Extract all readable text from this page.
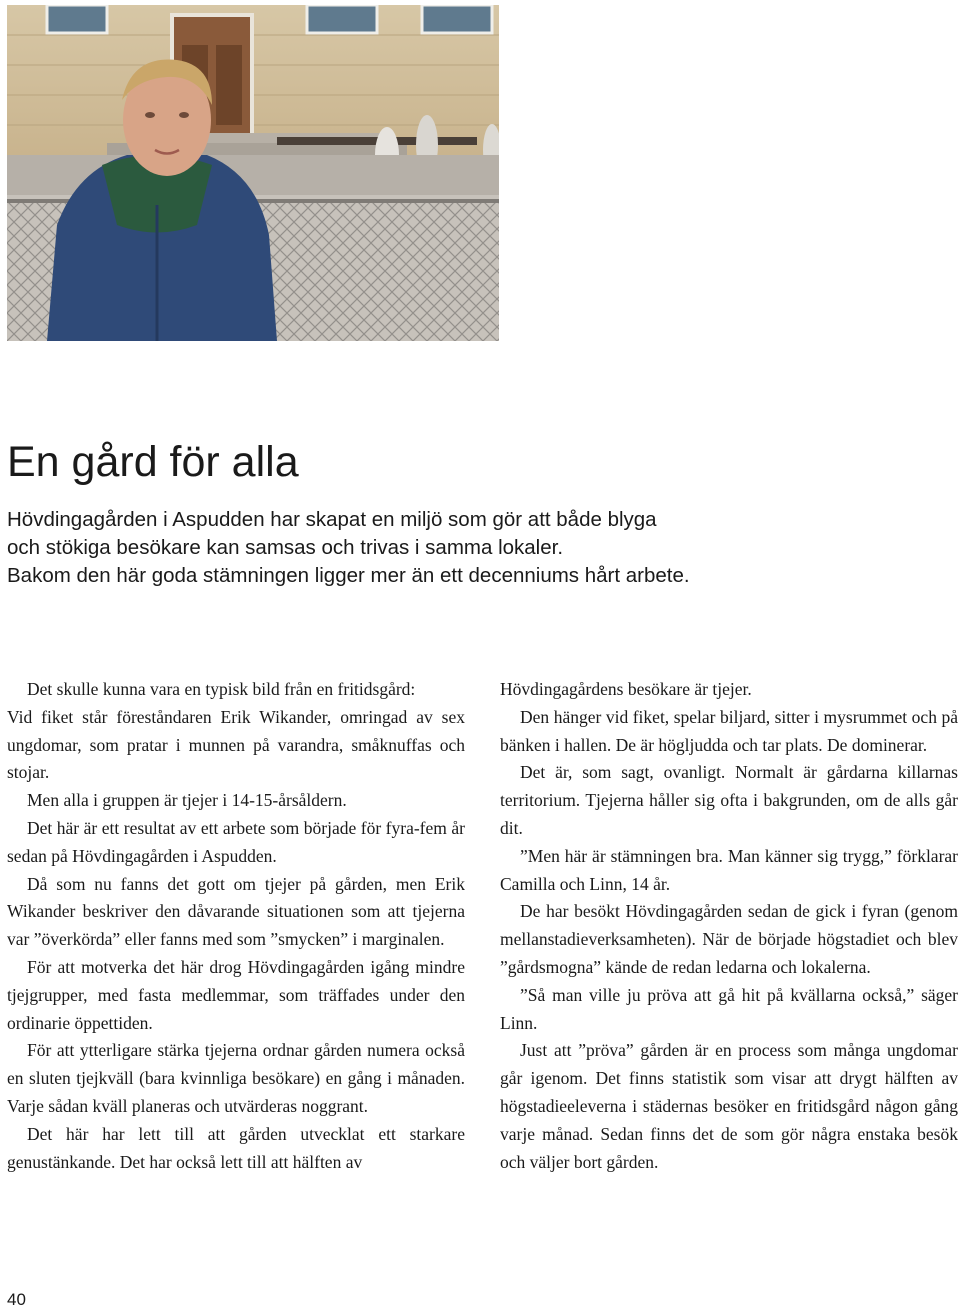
En gård för alla
Hövdingagården i Aspudden har skapat en miljö som gör att både blyga
och stökiga besökare kan samsas och trivas i samma lokaler.
Bakom den här goda stämningen ligger mer än ett decenniums hårt arbete.

Det skulle kunna vara en typisk bild från en fritidsgård:

Vid fiket står föreståndaren Erik Wikander, omringad av sex ungdomar, som pratar i munnen på varandra, småknuffas och stojar.

Men alla i gruppen är tjejer i 14-15-årsåldern.

Det här är ett resultat av ett arbete som började för fyra-fem år sedan på Hövdingagården i Aspudden.

Då som nu fanns det gott om tjejer på gården, men Erik Wikander beskriver den dåvarande situationen som att tjejerna var ”överkörda” eller fanns med som ”smycken” i marginalen.

För att motverka det här drog Hövdingagården igång mindre tjejgrupper, med fasta medlemmar, som träffades under den ordinarie öppettiden.

För att ytterligare stärka tjejerna ordnar gården numera också en sluten tjejkväll (bara kvinnliga besökare) en gång i månaden. Varje sådan kväll planeras och utvärderas noggrant.

Det här har lett till att gården utvecklat ett starkare genustänkande. Det har också lett till att hälften av

Hövdingagårdens besökare är tjejer.

Den hänger vid fiket, spelar biljard, sitter i mysrummet och på bänken i hallen. De är högljudda och tar plats. De dominerar.

Det är, som sagt, ovanligt. Normalt är gårdarna killarnas territorium. Tjejerna håller sig ofta i bakgrunden, om de alls går dit.

”Men här är stämningen bra. Man känner sig trygg,” förklarar Camilla och Linn, 14 år.

De har besökt Hövdingagården sedan de gick i fyran (genom mellanstadieverksamheten). När de började högstadiet och blev ”gårdsmogna” kände de redan ledarna och lokalerna.

”Så man ville ju pröva att gå hit på kvällarna också,” säger Linn.

Just att ”pröva” gården är en process som många ungdomar går igenom. Det finns statistik som visar att drygt hälften av högstadieeleverna i städernas besöker en fritidsgård någon gång varje månad. Sedan finns det de som gör några enstaka besök och väljer bort gården.

40
